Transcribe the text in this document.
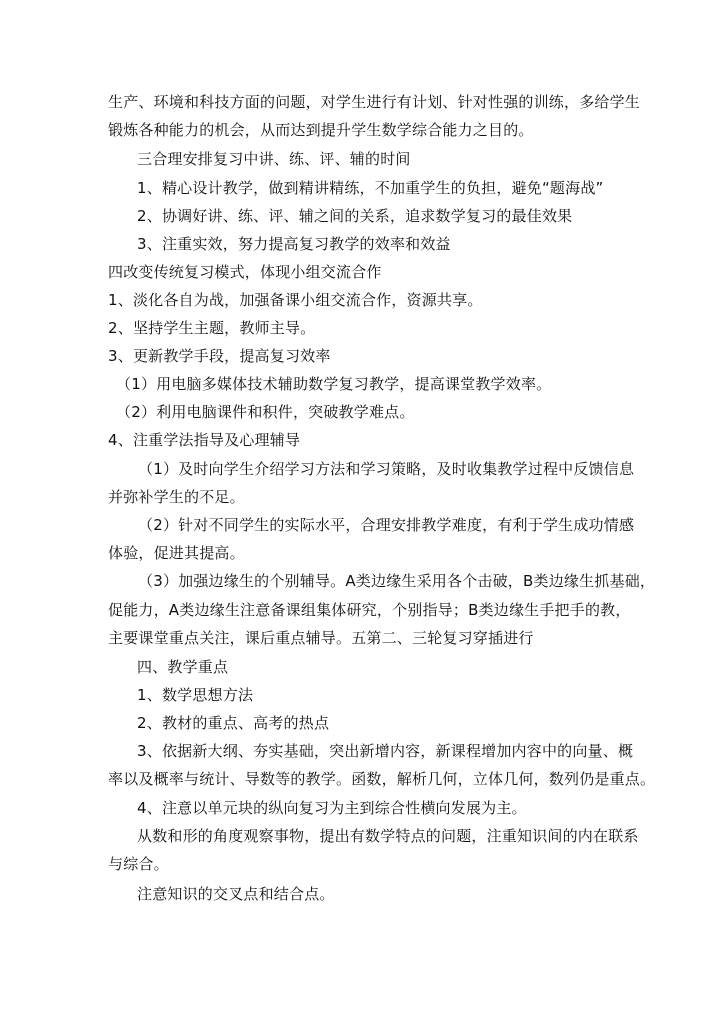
生产、环境和科技方面的问题，对学生进行有计划、针对性强的训练，多给学生
锻炼各种能力的机会，从而达到提升学生数学综合能力之目的。
三合理安排复习中讲、练、评、辅的时间
1、精心设计教学，做到精讲精练，不加重学生的负担，避免“题海战”
2、协调好讲、练、评、辅之间的关系，追求数学复习的最佳效果
3、注重实效，努力提高复习教学的效率和效益
四改变传统复习模式，体现小组交流合作
1、淡化各自为战，加强备课小组交流合作，资源共享。
2、坚持学生主题，教师主导。
3、更新教学手段，提高复习效率
（1）用电脑多媒体技术辅助数学复习教学，提高课堂教学效率。
（2）利用电脑课件和积件，突破教学难点。
4、注重学法指导及心理辅导
（1）及时向学生介绍学习方法和学习策略，及时收集教学过程中反馈信息
并弥补学生的不足。
（2）针对不同学生的实际水平，合理安排教学难度，有利于学生成功情感
体验，促进其提高。
（3）加强边缘生的个别辅导。A类边缘生采用各个击破，B类边缘生抓基础，
促能力，A类边缘生注意备课组集体研究，个别指导；B类边缘生手把手的教，
主要课堂重点关注，课后重点辅导。五第二、三轮复习穿插进行
四、教学重点
1、数学思想方法
2、教材的重点、高考的热点
3、依据新大纲、夯实基础，突出新增内容，新课程增加内容中的向量、概
率以及概率与统计、导数等的教学。函数，解析几何，立体几何，数列仍是重点。
4、注意以单元块的纵向复习为主到综合性横向发展为主。
从数和形的角度观察事物，提出有数学特点的问题，注重知识间的内在联系
与综合。
注意知识的交叉点和结合点。
